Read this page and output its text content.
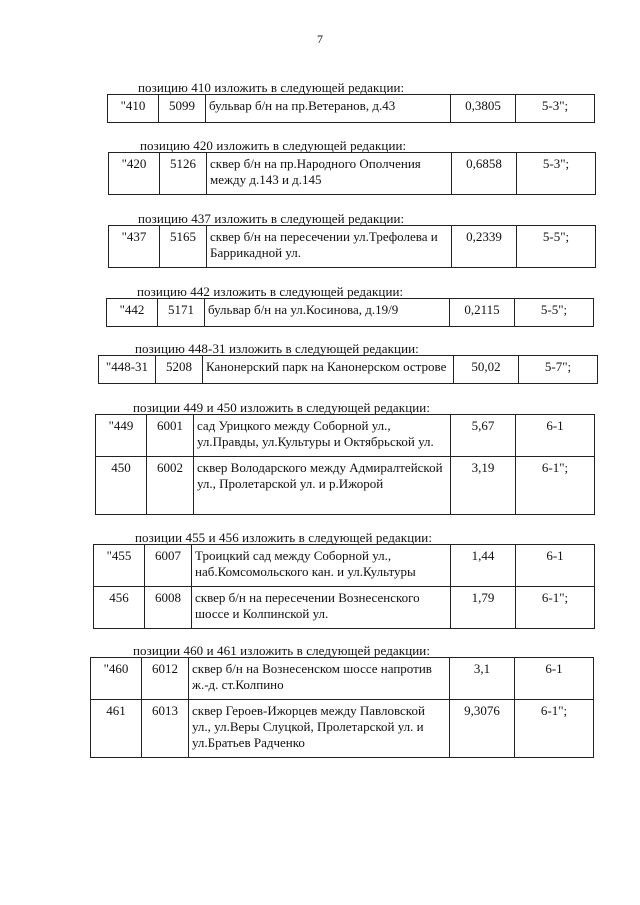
7
позицию 410 изложить в следующей редакции:
"410	5099	бульвар б/н на пр.Ветеранов, д.43	0,3805	5-3";
позицию 420 изложить в следующей редакции:
"420	5126	сквер б/н на пр.Народного Ополчения между д.143 и д.145	0,6858	5-3";
позицию 437 изложить в следующей редакции:
"437	5165	сквер б/н на пересечении ул.Трефолева и Баррикадной ул.	0,2339	5-5";
позицию 442 изложить в следующей редакции:
"442	5171	бульвар б/н на ул.Косинова, д.19/9	0,2115	5-5";
позицию 448-31 изложить в следующей редакции:
"448-31	5208	Канонерский парк на Канонерском острове	50,02	5-7";
позиции 449 и 450 изложить в следующей редакции:
"449	6001	сад Урицкого между Соборной ул., ул.Правды, ул.Культуры и Октябрьской ул.	5,67	6-1
450	6002	сквер Володарского между Адмиралтейской ул., Пролетарской ул. и р.Ижорой	3,19	6-1";
позиции 455 и 456 изложить в следующей редакции:
"455	6007	Троицкий сад между Соборной ул., наб.Комсомольского кан. и ул.Культуры	1,44	6-1
456	6008	сквер б/н на пересечении Вознесенского шоссе и Колпинской ул.	1,79	6-1";
позиции 460 и 461 изложить в следующей редакции:
"460	6012	сквер б/н на Вознесенском шоссе напротив ж.-д. ст.Колпино	3,1	6-1
461	6013	сквер Героев-Ижорцев между Павловской ул., ул.Веры Слуцкой, Пролетарской ул. и ул.Братьев Радченко	9,3076	6-1";
